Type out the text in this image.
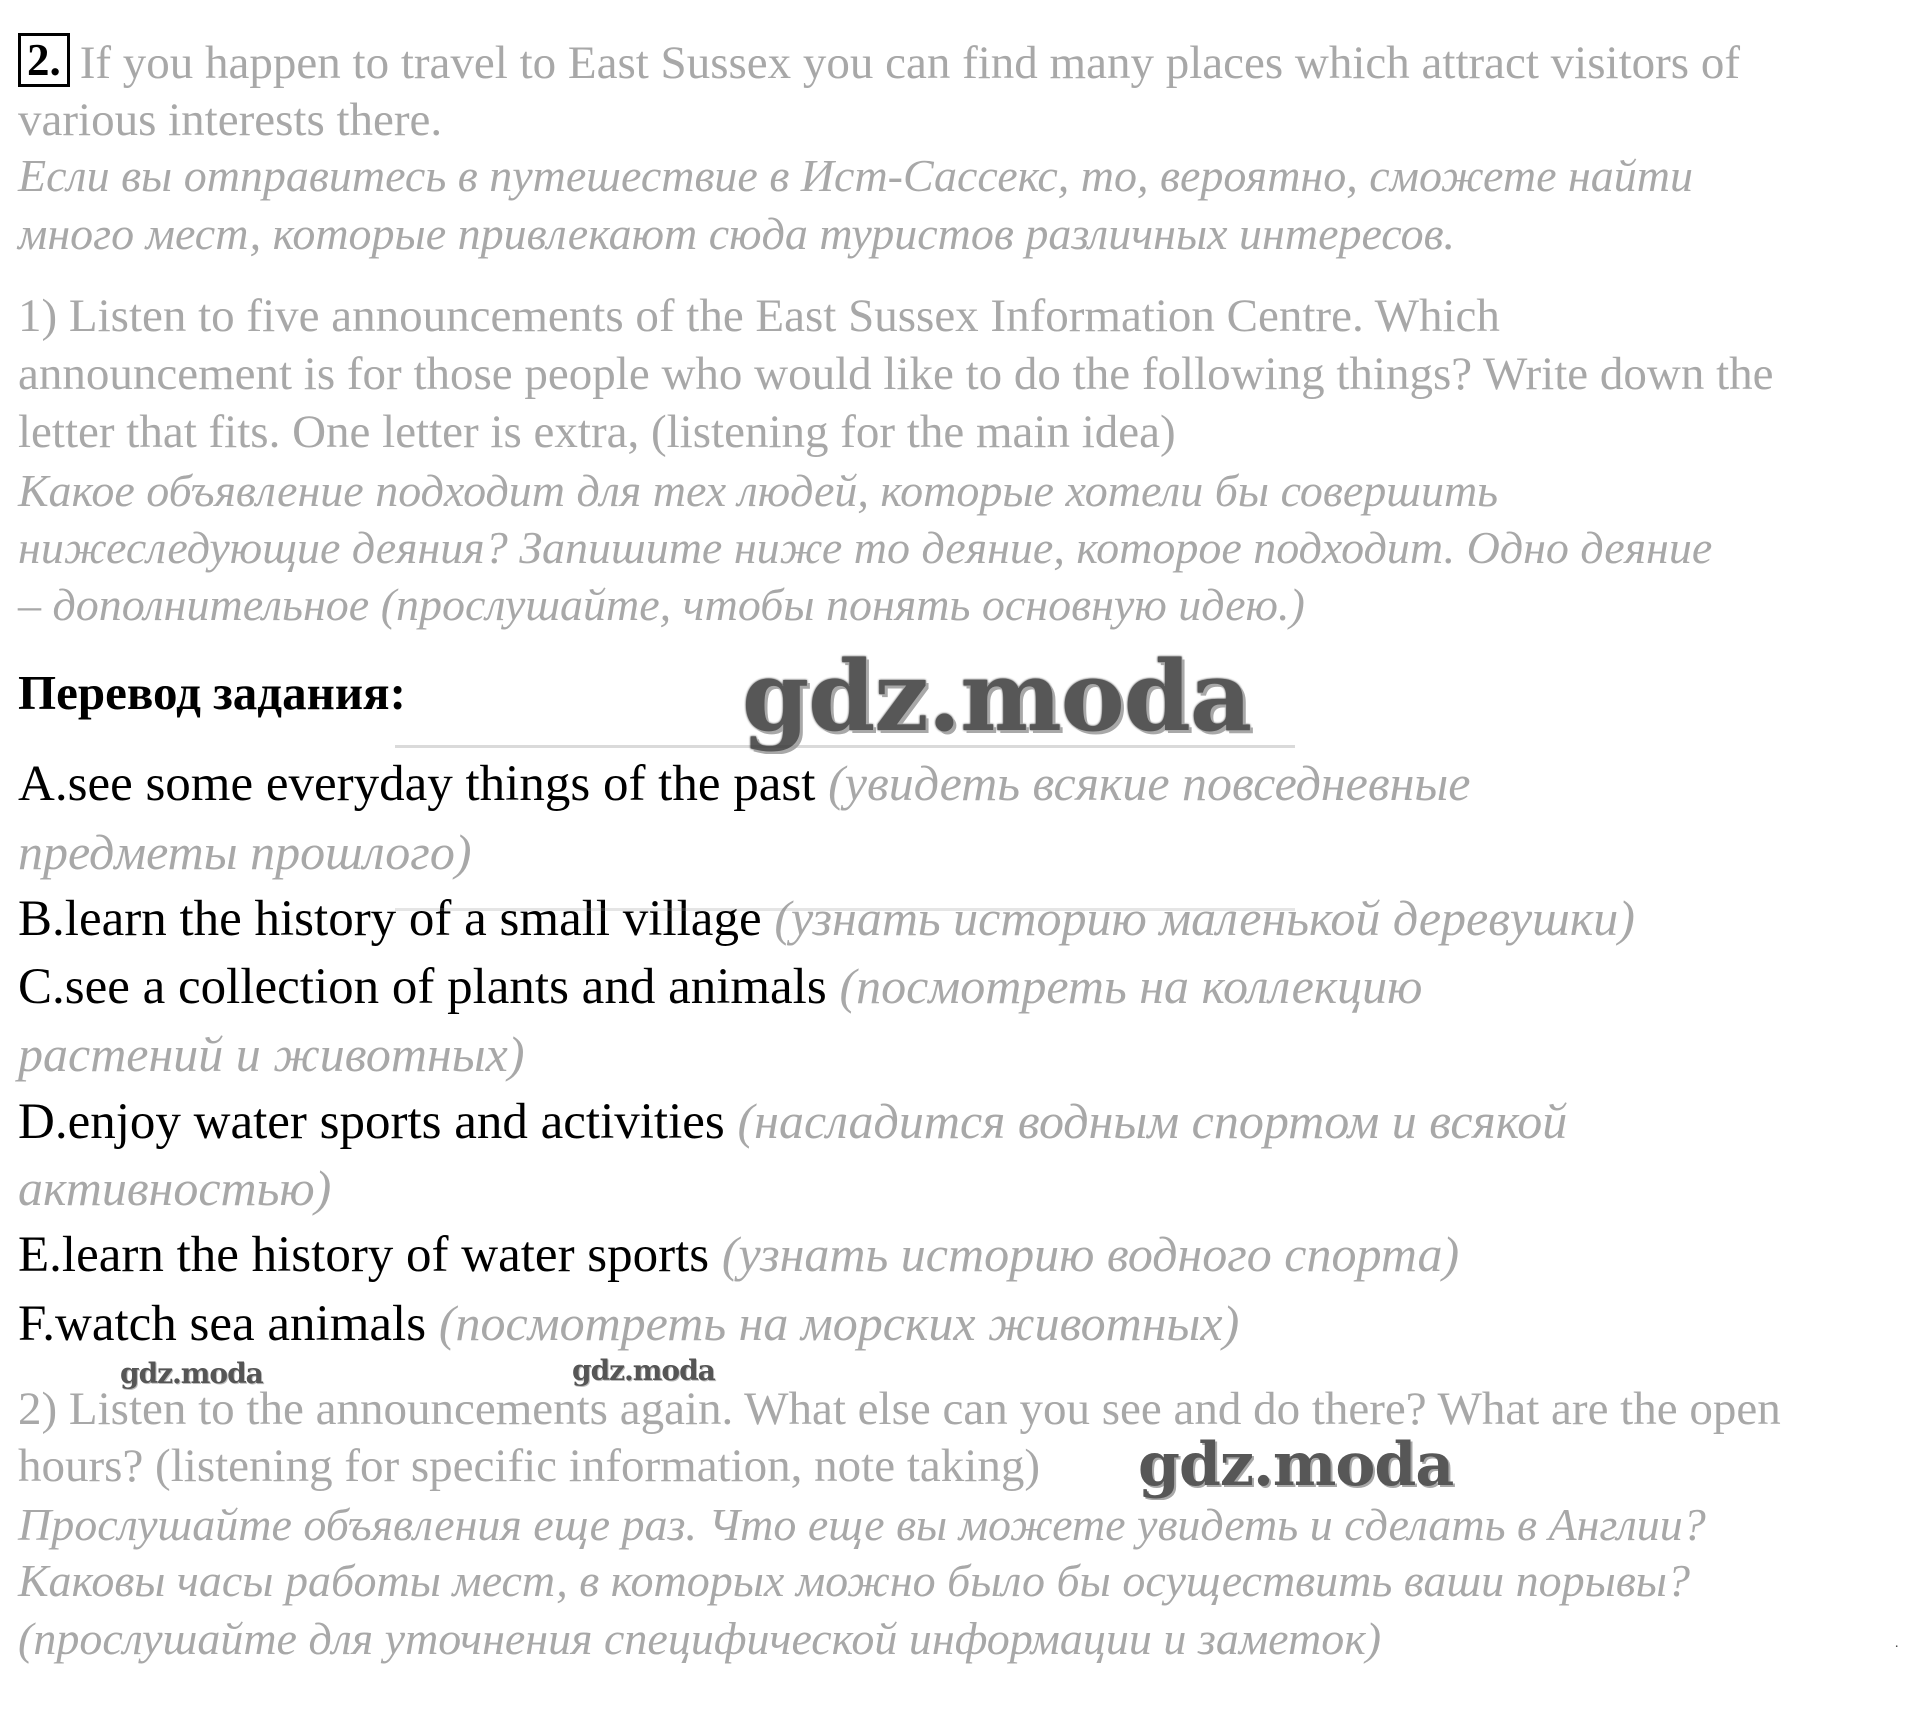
2. If you happen to travel to East Sussex you can find many places which attract visitors of
various interests there.
Если вы отправитесь в путешествие в Ист-Сассекс, то, вероятно, сможете найти
много мест, которые привлекают сюда туристов различных интересов.
1) Listen to five announcements of the East Sussex Information Centre. Which
announcement is for those people who would like to do the following things? Write down the
letter that fits. One letter is extra, (listening for the main idea)
Какое объявление подходит для тех людей, которые хотели бы совершить
нижеследующие деяния? Запишите ниже то деяние, которое подходит. Одно деяние
– дополнительное (прослушайте, чтобы понять основную идею.)
Перевод задания:
A.see some everyday things of the past (увидеть всякие повседневные
предметы прошлого)
B.learn the history of a small village (узнать историю маленькой деревушки)
C.see a collection of plants and animals (посмотреть на коллекцию
растений и животных)
D.enjoy water sports and activities (насладится водным спортом и всякой
активностью)
E.learn the history of water sports (узнать историю водного спорта)
F.watch sea animals (посмотреть на морских животных)
2) Listen to the announcements again. What else can you see and do there? What are the open
hours? (listening for specific information, note taking)
Прослушайте объявления еще раз. Что еще вы можете увидеть и сделать в Англии?
Каковы часы работы мест, в которых можно было бы осуществить ваши порывы?
(прослушайте для уточнения специфической информации и заметок)
gdz.moda
gdz.moda
gdz.moda	gdz.moda
·
